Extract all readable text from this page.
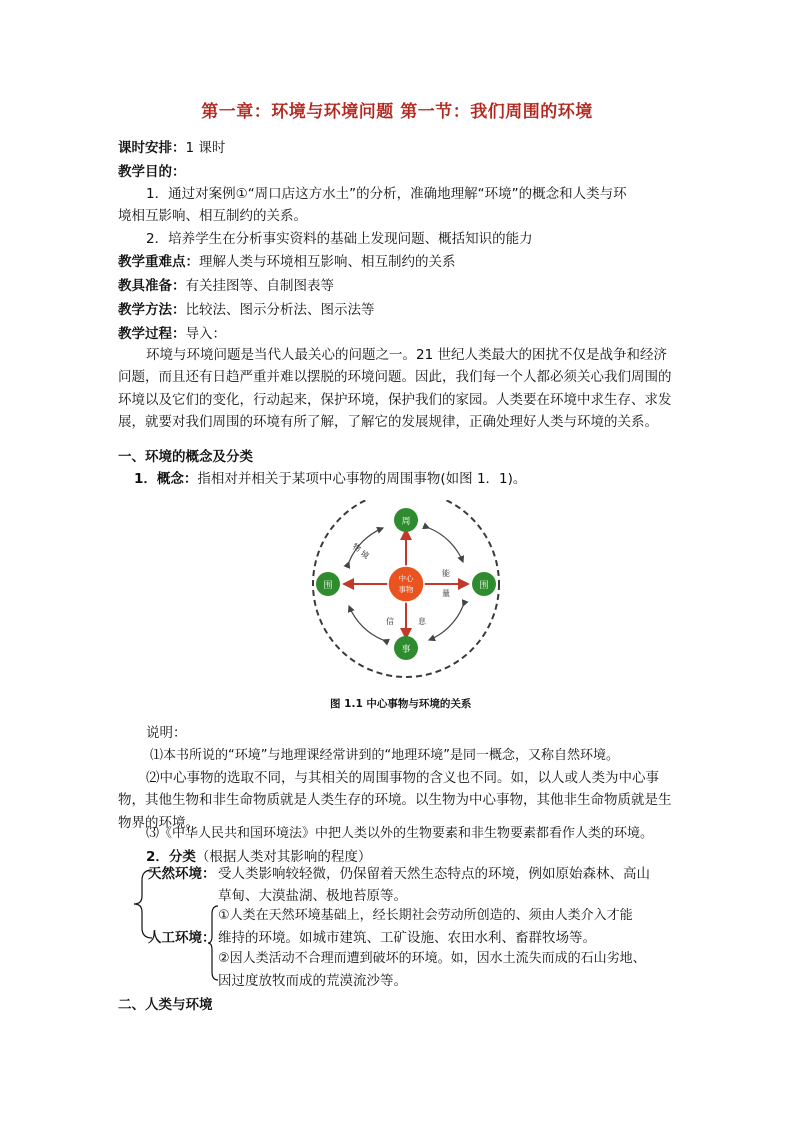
第一章：环境与环境问题 第一节：我们周围的环境
课时安排：1 课时
教学目的：
1．通过对案例①“周口店这方水土”的分析，准确地理解“环境”的概念和人类与环
境相互影响、相互制约的关系。
2．培养学生在分析事实资料的基础上发现问题、概括知识的能力
教学重难点：理解人类与环境相互影响、相互制约的关系
教具准备：有关挂图等、自制图表等
教学方法：比较法、图示分析法、图示法等
教学过程：导入：
环境与环境问题是当代人最关心的问题之一。21 世纪人类最大的困扰不仅是战争和经济问题，而且还有日趋严重并难以摆脱的环境问题。因此，我们每一个人都必须关心我们周围的环境以及它们的变化，行动起来，保护环境，保护我们的家园。人类要在环境中求生存、求发展，就要对我们周围的环境有所了解，了解它的发展规律，正确处理好人类与环境的关系。
一、环境的概念及分类
1．概念：指相对并相关于某项中心事物的周围事物(如图 1．1)。
中心
事物
周
围	围
事
物
境
能
量
信	息
图 1.1 中心事物与环境的关系
说明：
⑴本书所说的“环境”与地理课经常讲到的“地理环境”是同一概念，又称自然环境。
⑵中心事物的选取不同，与其相关的周围事物的含义也不同。如，以人或人类为中心事物，其他生物和非生命物质就是人类生存的环境。以生物为中心事物，其他非生命物质就是生物界的环境。
⑶《中华人民共和国环境法》中把人类以外的生物要素和非生物要素都看作人类的环境。
2．分类（根据人类对其影响的程度）
天然环境： 受人类影响较轻微，仍保留着天然生态特点的环境，例如原始森林、高山
草甸、大漠盐湖、极地苔原等。
人工环境：
①人类在天然环境基础上，经长期社会劳动所创造的、须由人类介入才能
维持的环境。如城市建筑、工矿设施、农田水利、畜群牧场等。
②因人类活动不合理而遭到破坏的环境。如，因水土流失而成的石山劣地、
因过度放牧而成的荒漠流沙等。
二、人类与环境
